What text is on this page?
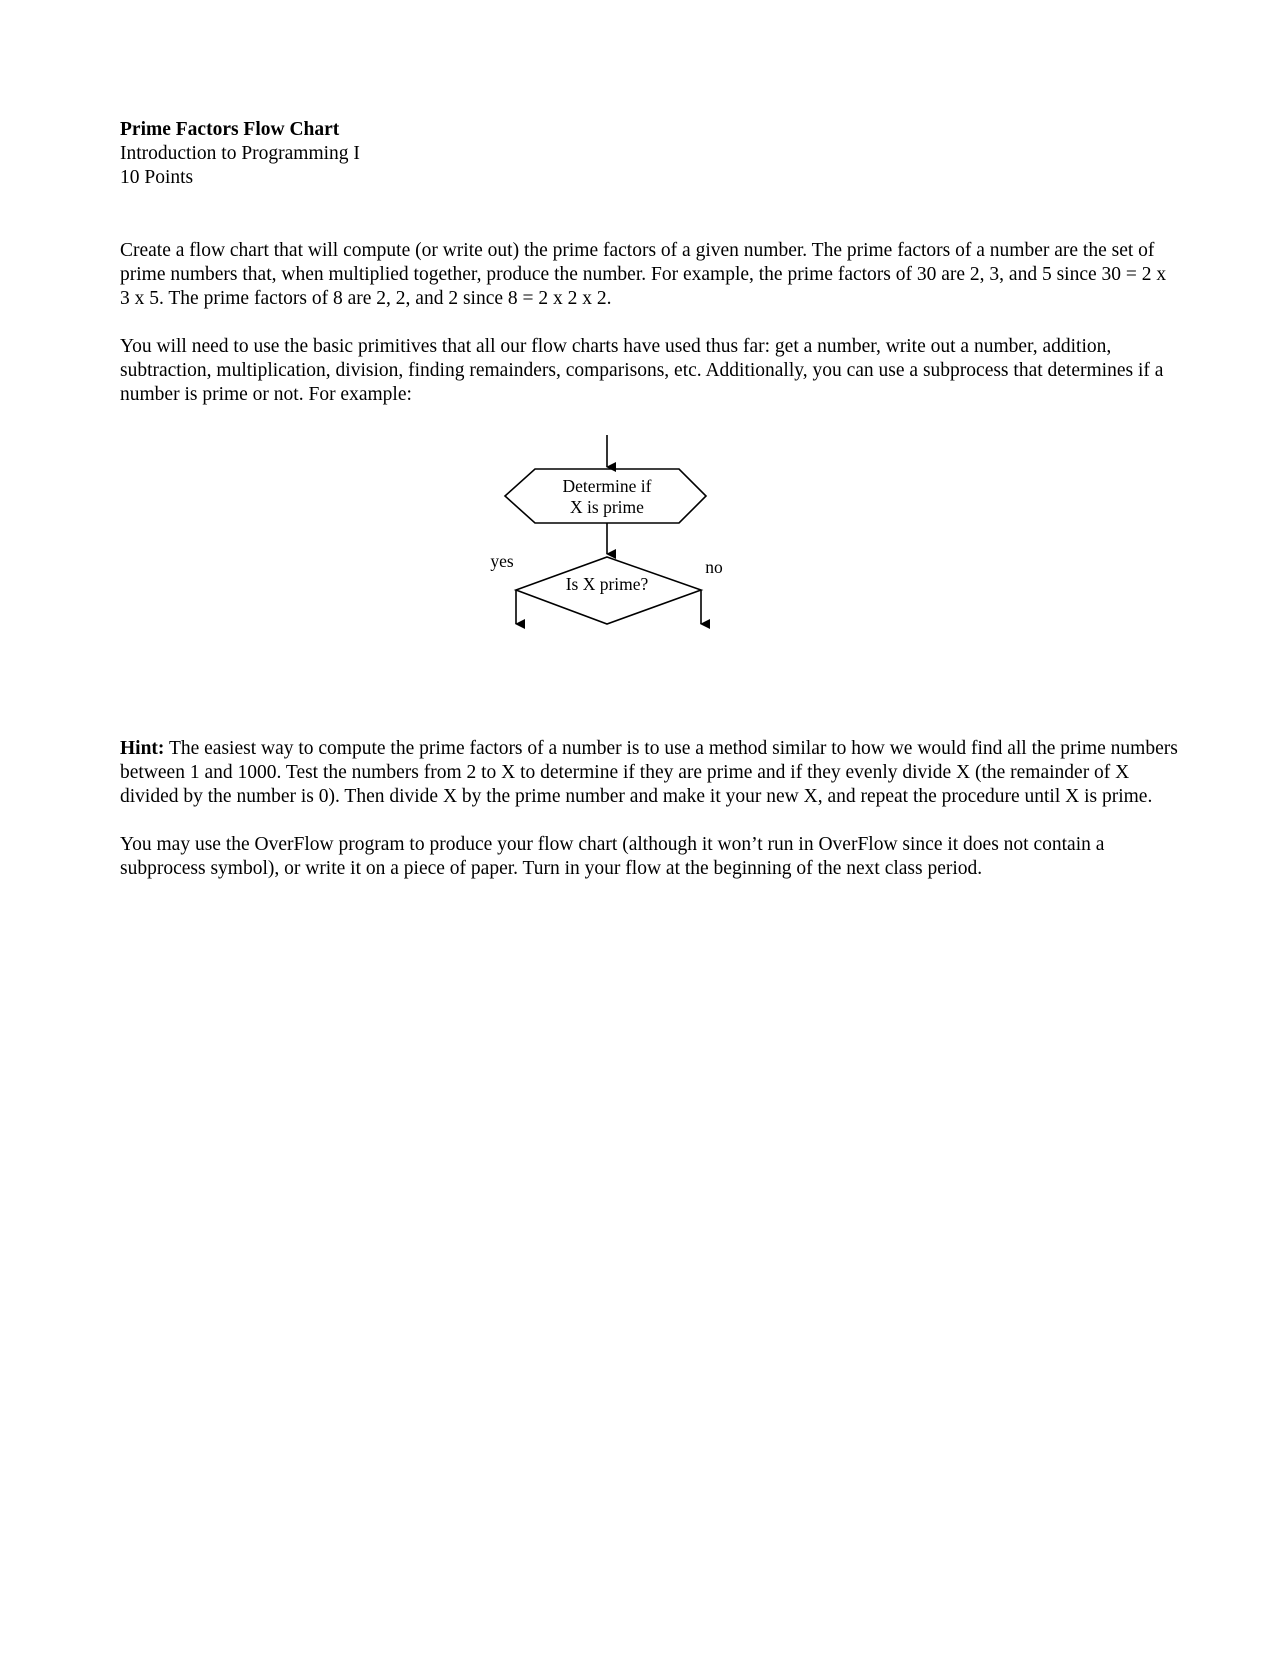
Prime Factors Flow Chart
Introduction to Programming I
10 Points

Create a flow chart that will compute (or write out) the prime factors of a given number. The prime factors of a number are the set of prime numbers that, when multiplied together, produce the number. For example, the prime factors of 30 are 2, 3, and 5 since 30 = 2 x 3 x 5. The prime factors of 8 are 2, 2, and 2 since 8 = 2 x 2 x 2.

You will need to use the basic primitives that all our flow charts have used thus far: get a number, write out a number, addition, subtraction, multiplication, division, finding remainders, comparisons, etc. Additionally, you can use a subprocess that determines if a number is prime or not. For example:

Determine if
X is prime
Is X prime?
yes	no

Hint: The easiest way to compute the prime factors of a number is to use a method similar to how we would find all the prime numbers between 1 and 1000. Test the numbers from 2 to X to determine if they are prime and if they evenly divide X (the remainder of X divided by the number is 0). Then divide X by the prime number and make it your new X, and repeat the procedure until X is prime.

You may use the OverFlow program to produce your flow chart (although it won’t run in OverFlow since it does not contain a subprocess symbol), or write it on a piece of paper. Turn in your flow at the beginning of the next class period.
